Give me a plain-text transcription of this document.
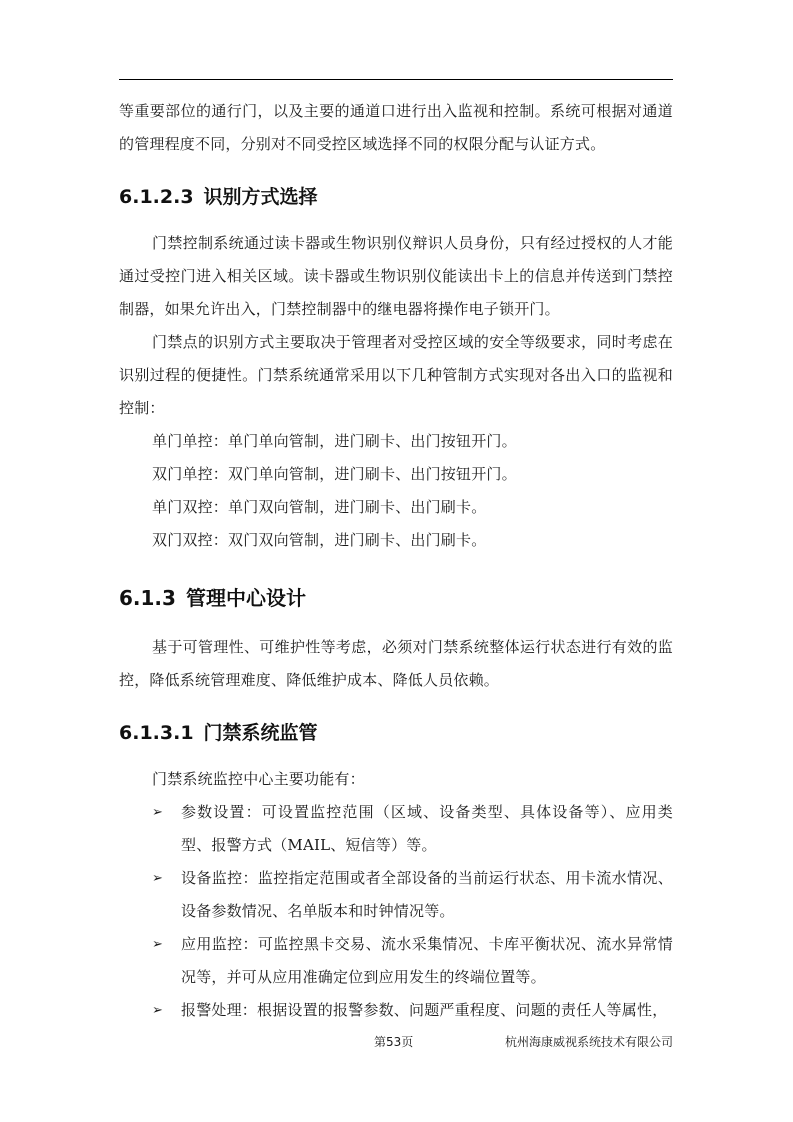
等重要部位的通行门，以及主要的通道口进行出入监视和控制。系统可根据对通道的管理程度不同，分别对不同受控区域选择不同的权限分配与认证方式。

6.1.2.3 识别方式选择

门禁控制系统通过读卡器或生物识别仪辩识人员身份，只有经过授权的人才能通过受控门进入相关区域。读卡器或生物识别仪能读出卡上的信息并传送到门禁控制器，如果允许出入，门禁控制器中的继电器将操作电子锁开门。

门禁点的识别方式主要取决于管理者对受控区域的安全等级要求，同时考虑在识别过程的便捷性。门禁系统通常采用以下几种管制方式实现对各出入口的监视和控制：

单门单控：单门单向管制，进门刷卡、出门按钮开门。

双门单控：双门单向管制，进门刷卡、出门按钮开门。

单门双控：单门双向管制，进门刷卡、出门刷卡。

双门双控：双门双向管制，进门刷卡、出门刷卡。

6.1.3 管理中心设计

基于可管理性、可维护性等考虑，必须对门禁系统整体运行状态进行有效的监控，降低系统管理难度、降低维护成本、降低人员依赖。

6.1.3.1 门禁系统监管

门禁系统监控中心主要功能有：

➢ 参数设置：可设置监控范围（区域、设备类型、具体设备等）、应用类型、报警方式（MAIL、短信等）等。
➢ 设备监控：监控指定范围或者全部设备的当前运行状态、用卡流水情况、设备参数情况、名单版本和时钟情况等。
➢ 应用监控：可监控黑卡交易、流水采集情况、卡库平衡状况、流水异常情况等，并可从应用准确定位到应用发生的终端位置等。
➢ 报警处理：根据设置的报警参数、问题严重程度、问题的责任人等属性，
第53页	杭州海康威视系统技术有限公司
